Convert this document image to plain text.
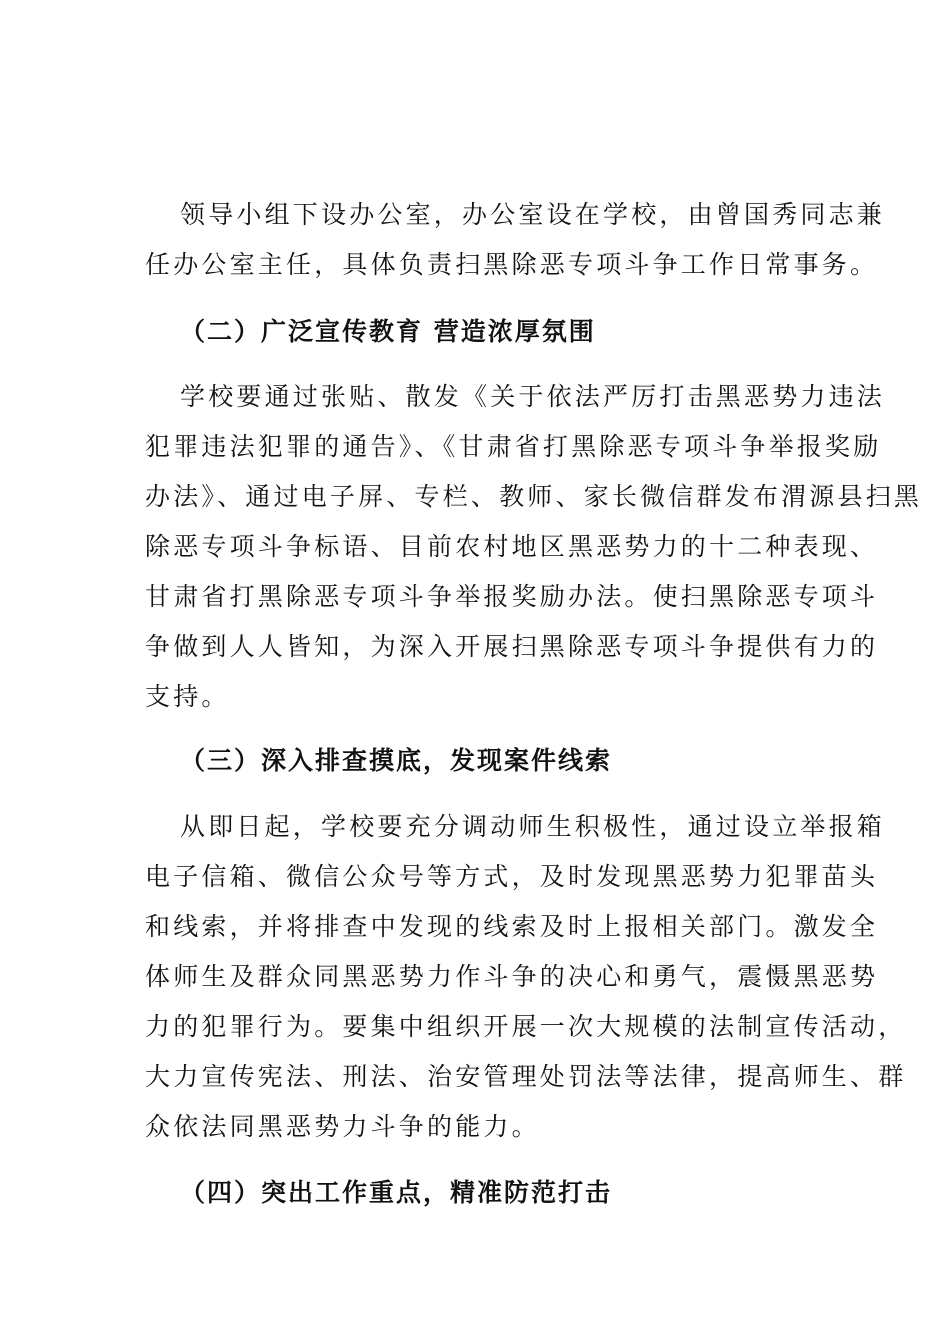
领导小组下设办公室，办公室设在学校，由曾国秀同志兼
任办公室主任，具体负责扫黑除恶专项斗争工作日常事务。
（二）广泛宣传教育 营造浓厚氛围
学校要通过张贴、散发《关于依法严厉打击黑恶势力违法
犯罪违法犯罪的通告》、《甘肃省打黑除恶专项斗争举报奖励
办法》、通过电子屏、专栏、教师、家长微信群发布渭源县扫黑
除恶专项斗争标语、目前农村地区黑恶势力的十二种表现、
甘肃省打黑除恶专项斗争举报奖励办法。使扫黑除恶专项斗
争做到人人皆知，为深入开展扫黑除恶专项斗争提供有力的
支持。
（三）深入排查摸底，发现案件线索
从即日起，学校要充分调动师生积极性，通过设立举报箱
电子信箱、微信公众号等方式，及时发现黑恶势力犯罪苗头
和线索，并将排查中发现的线索及时上报相关部门。激发全
体师生及群众同黑恶势力作斗争的决心和勇气，震慑黑恶势
力的犯罪行为。要集中组织开展一次大规模的法制宣传活动，
大力宣传宪法、刑法、治安管理处罚法等法律，提高师生、群
众依法同黑恶势力斗争的能力。
（四）突出工作重点，精准防范打击
